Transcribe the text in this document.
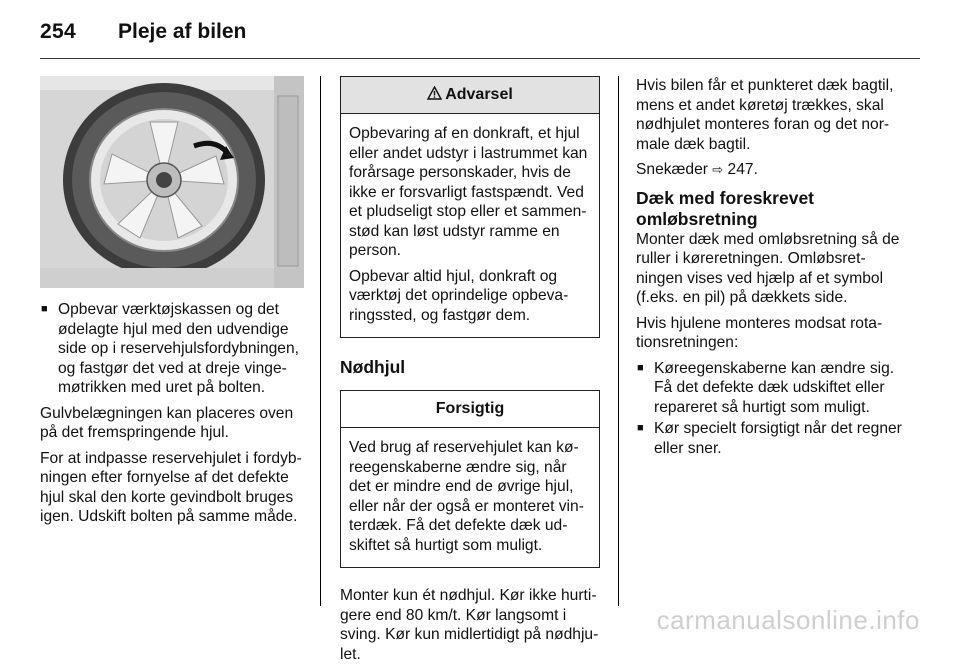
254 Pleje af bilen
■ Opbevar værktøjskassen og det ødelagte hjul med den udvendige side op i reservehjulsfordybningen, og fastgør det ved at dreje vingemøtrikken med uret på bolten.

Gulvbelægningen kan placeres oven på det fremspringende hjul.

For at indpasse reservehjulet i fordybningen efter fornyelse af det defekte hjul skal den korte gevindbolt bruges igen. Udskift bolten på samme måde.

Advarsel

Opbevaring af en donkraft, et hjul eller andet udstyr i lastrummet kan forårsage personskader, hvis de ikke er forsvarligt fastspændt. Ved et pludseligt stop eller et sammenstød kan løst udstyr ramme en person.

Opbevar altid hjul, donkraft og værktøj det oprindelige opbevaringssted, og fastgør dem.

Nødhjul
Forsigtig

Ved brug af reservehjulet kan køreegenskaberne ændre sig, når det er mindre end de øvrige hjul, eller når der også er monteret vinterdæk. Få det defekte dæk udskiftet så hurtigt som muligt.

Monter kun ét nødhjul. Kør ikke hurtigere end 80 km/t. Kør langsomt i sving. Kør kun midlertidigt på nødhjulet.

Hvis bilen får et punkteret dæk bagtil, mens et andet køretøj trækkes, skal nødhjulet monteres foran og det normale dæk bagtil.

Snekæder ⇨ 247.

Dæk med foreskrevet omløbsretning

Monter dæk med omløbsretning så de ruller i køreretningen. Omløbsretningen vises ved hjælp af et symbol (f.eks. en pil) på dækkets side.

Hvis hjulene monteres modsat rotationsretningen:

■ Køreegenskaberne kan ændre sig. Få det defekte dæk udskiftet eller repareret så hurtigt som muligt.
■ Kør specielt forsigtigt når det regner eller sner.
carmanualsonline.info
